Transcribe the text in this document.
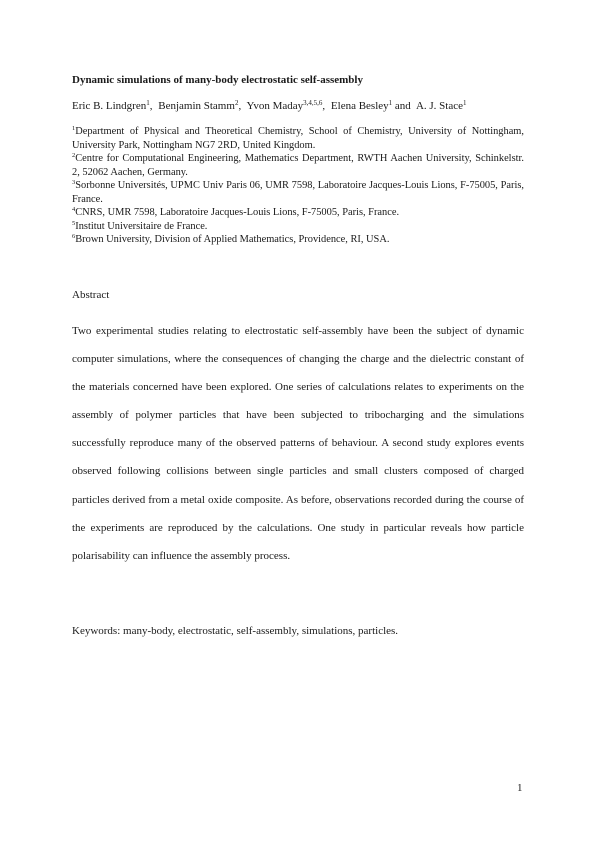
Dynamic simulations of many-body electrostatic self-assembly
Eric B. Lindgren$^1$, Benjamin Stamm$^2$, Yvon Maday$^{3,4,5,6}$, Elena Besley$^1$ and A. J. Stace$^1$

$^1$Department of Physical and Theoretical Chemistry, School of Chemistry, University of Nottingham, University Park, Nottingham NG7 2RD, United Kingdom.

$^2$Centre for Computational Engineering, Mathematics Department, RWTH Aachen University, Schinkelstr. 2, 52062 Aachen, Germany.

$^3$Sorbonne Universités, UPMC Univ Paris 06, UMR 7598, Laboratoire Jacques-Louis Lions, F-75005, Paris, France.

$^4$CNRS, UMR 7598, Laboratoire Jacques-Louis Lions, F-75005, Paris, France.

$^5$Institut Universitaire de France.

$^6$Brown University, Division of Applied Mathematics, Providence, RI, USA.

Abstract

Two experimental studies relating to electrostatic self-assembly have been the subject of dynamic computer simulations, where the consequences of changing the charge and the dielectric constant of the materials concerned have been explored. One series of calculations relates to experiments on the assembly of polymer particles that have been subjected to tribocharging and the simulations successfully reproduce many of the observed patterns of behaviour. A second study explores events observed following collisions between single particles and small clusters composed of charged particles derived from a metal oxide composite. As before, observations recorded during the course of the experiments are reproduced by the calculations. One study in particular reveals how particle polarisability can influence the assembly process.

Keywords: many-body, electrostatic, self-assembly, simulations, particles.
1
